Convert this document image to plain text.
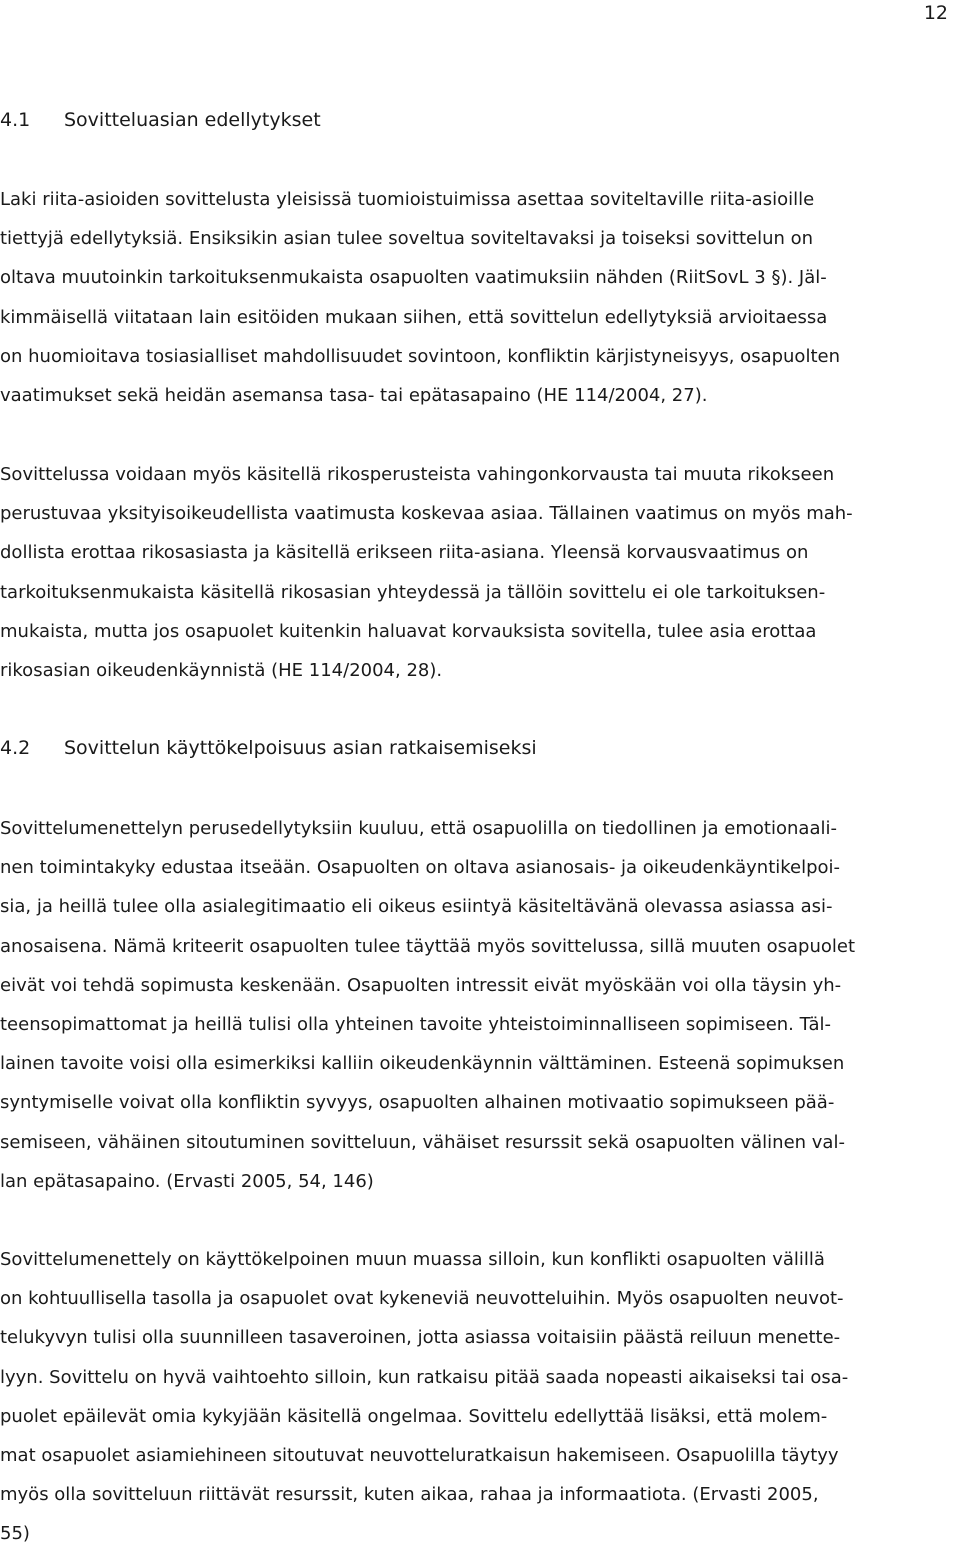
12
4.1 Sovitteluasian edellytykset
Laki riita-asioiden sovittelusta yleisissä tuomioistuimissa asettaa soviteltaville riita-asioille
tiettyjä edellytyksiä. Ensiksikin asian tulee soveltua soviteltavaksi ja toiseksi sovittelun on
oltava muutoinkin tarkoituksenmukaista osapuolten vaatimuksiin nähden (RiitSovL 3 §). Jäl-
kimmäisellä viitataan lain esitöiden mukaan siihen, että sovittelun edellytyksiä arvioitaessa
on huomioitava tosiasialliset mahdollisuudet sovintoon, konfliktin kärjistyneisyys, osapuolten
vaatimukset sekä heidän asemansa tasa- tai epätasapaino (HE 114/2004, 27).
Sovittelussa voidaan myös käsitellä rikosperusteista vahingonkorvausta tai muuta rikokseen
perustuvaa yksityisoikeudellista vaatimusta koskevaa asiaa. Tällainen vaatimus on myös mah-
dollista erottaa rikosasiasta ja käsitellä erikseen riita-asiana. Yleensä korvausvaatimus on
tarkoituksenmukaista käsitellä rikosasian yhteydessä ja tällöin sovittelu ei ole tarkoituksen-
mukaista, mutta jos osapuolet kuitenkin haluavat korvauksista sovitella, tulee asia erottaa
rikosasian oikeudenkäynnistä (HE 114/2004, 28).
4.2 Sovittelun käyttökelpoisuus asian ratkaisemiseksi
Sovittelumenettelyn perusedellytyksiin kuuluu, että osapuolilla on tiedollinen ja emotionaali-
nen toimintakyky edustaa itseään. Osapuolten on oltava asianosais- ja oikeudenkäyntikelpoi-
sia, ja heillä tulee olla asialegitimaatio eli oikeus esiintyä käsiteltävänä olevassa asiassa asi-
anosaisena. Nämä kriteerit osapuolten tulee täyttää myös sovittelussa, sillä muuten osapuolet
eivät voi tehdä sopimusta keskenään. Osapuolten intressit eivät myöskään voi olla täysin yh-
teensopimattomat ja heillä tulisi olla yhteinen tavoite yhteistoiminnalliseen sopimiseen. Täl-
lainen tavoite voisi olla esimerkiksi kalliin oikeudenkäynnin välttäminen. Esteenä sopimuksen
syntymiselle voivat olla konfliktin syvyys, osapuolten alhainen motivaatio sopimukseen pää-
semiseen, vähäinen sitoutuminen sovitteluun, vähäiset resurssit sekä osapuolten välinen val-
lan epätasapaino. (Ervasti 2005, 54, 146)
Sovittelumenettely on käyttökelpoinen muun muassa silloin, kun konflikti osapuolten välillä
on kohtuullisella tasolla ja osapuolet ovat kykeneviä neuvotteluihin. Myös osapuolten neuvot-
telukyvyn tulisi olla suunnilleen tasaveroinen, jotta asiassa voitaisiin päästä reiluun menette-
lyyn. Sovittelu on hyvä vaihtoehto silloin, kun ratkaisu pitää saada nopeasti aikaiseksi tai osa-
puolet epäilevät omia kykyjään käsitellä ongelmaa. Sovittelu edellyttää lisäksi, että molem-
mat osapuolet asiamiehineen sitoutuvat neuvotteluratkaisun hakemiseen. Osapuolilla täytyy
myös olla sovitteluun riittävät resurssit, kuten aikaa, rahaa ja informaatiota. (Ervasti 2005,
55)
